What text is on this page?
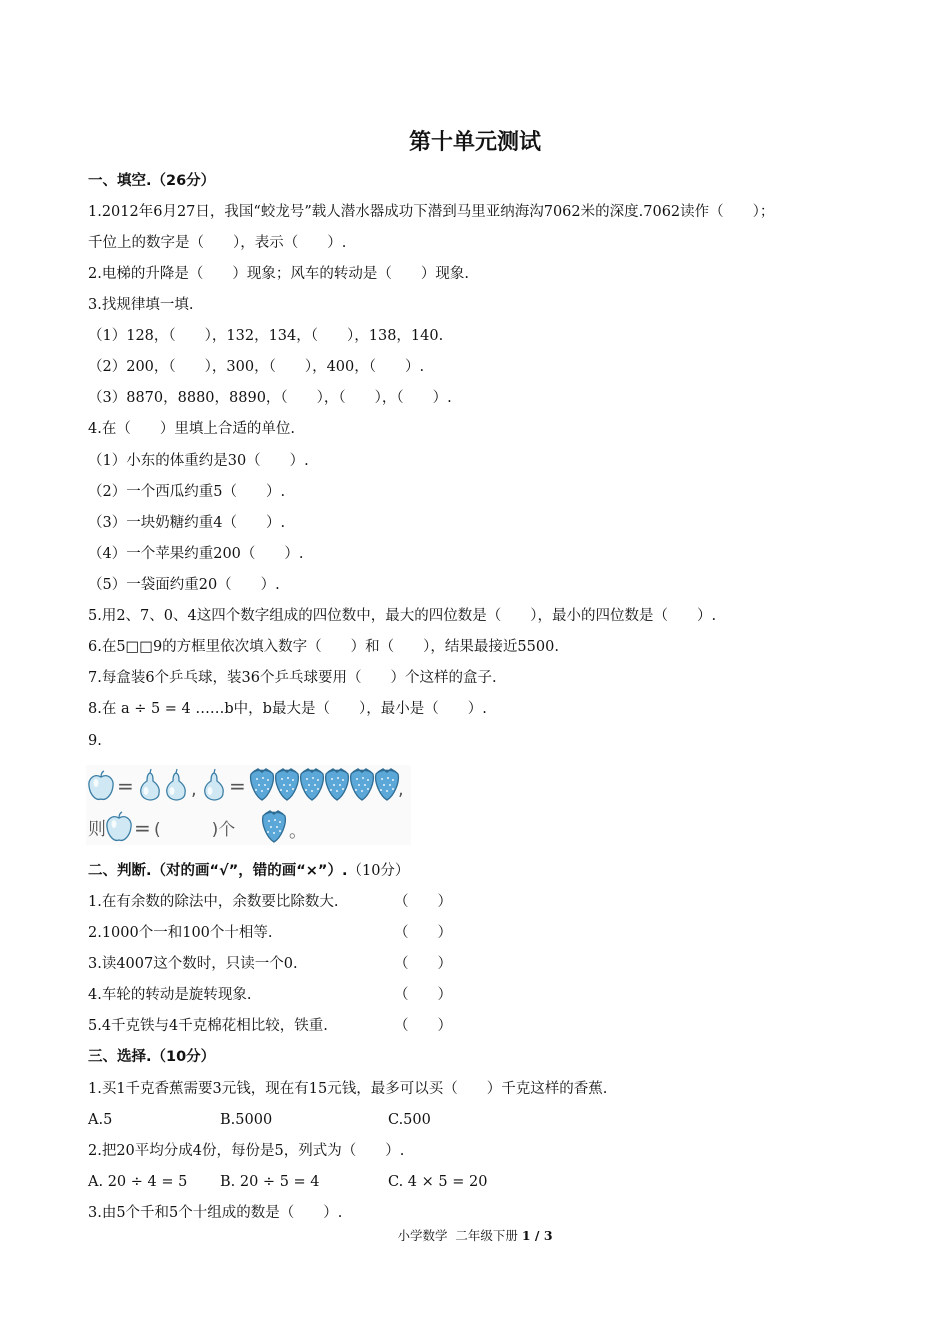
第十单元测试
一、填空.（26分）
1.2012年6月27日，我国“蛟龙号”载人潜水器成功下潜到马里亚纳海沟7062米的深度.7062读作（　　）；
千位上的数字是（　　），表示（　　）.
2.电梯的升降是（　　）现象；风车的转动是（　　）现象.
3.找规律填一填.
（1）128，（　　），132，134，（　　），138，140.
（2）200，（　　），300，（　　），400，（　　）.
（3）8870，8880，8890，（　　），（　　），（　　）.
4.在（　　）里填上合适的单位.
（1）小东的体重约是30（　　）.
（2）一个西瓜约重5（　　）.
（3）一块奶糖约重4（　　）.
（4）一个苹果约重200（　　）.
（5）一袋面约重20（　　）.
5.用2、7、0、4这四个数字组成的四位数中，最大的四位数是（　　），最小的四位数是（　　）.
6.在5□□9的方框里依次填入数字（　　）和（　　），结果最接近5500.
7.每盒装6个乒乓球，装36个乒乓球要用（　　）个这样的盒子.
8.在 a ÷ 5 = 4 ……b中，b最大是（　　），最小是（　　）.
9.
=	, =	,
则 = (　　　)个	。
二、判断.（对的画“√”，错的画“×”）.（10分）
1.在有余数的除法中，余数要比除数大.	（　　）
2.1000个一和100个十相等.	（　　）
3.读4007这个数时，只读一个0.	（　　）
4.车轮的转动是旋转现象.	（　　）
5.4千克铁与4千克棉花相比较，铁重.	（　　）
三、选择.（10分）
1.买1千克香蕉需要3元钱，现在有15元钱，最多可以买（　　）千克这样的香蕉.
A.5	B.5000	C.500
2.把20平均分成4份，每份是5，列式为（　　）.
A. 20 ÷ 4 = 5 B. 20 ÷ 5 = 4	C. 4 × 5 = 20
3.由5个千和5个十组成的数是（　　）.
小学数学  二年级下册 1 / 3
